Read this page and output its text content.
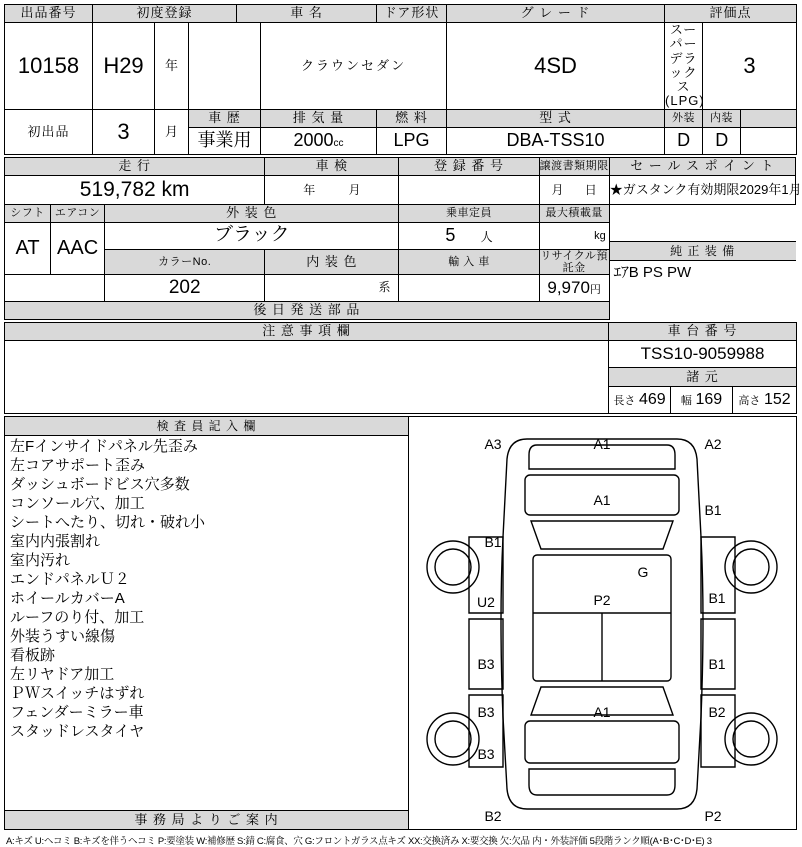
出品番号	初度登録			車 名		ドア形状	グ レ ー ド	評価点		
10158	H29	年			クラウンセダン		4SD	スーパーデラックス(LPG)	3	
初出品	3	月	車 歴		排 気 量	燃 料	型 式	外装 内装		

			事業用		2000cc	LPG	DBA-TSS10	D D		

走 行			車 検	登 録 番 号	譲渡書類期限	セ ー ル ス ポ イ ン ト
519,782 km			年 月		月 日	★ガスタンク有効期限2029年1月
シフト	エアコン	外 装 色		乗車定員	最大積載量	純 正 装 備
ｴｱB PS PW

AT	AAC	ブラック		5 人	kg	

		カラーNo.	内 装 色	輸 入 車	リサイクル預託金	
		202	系		9,970円	
後 日 発 送 部 品						
注 意 事 項 欄	車 台 番 号		
	TSS10-9059988		
	諸 元		
	長さ 469	幅 169	高さ 152
検 査 員 記 入 欄
左Fインサイドパネル先歪み
左コアサポート歪み
ダッシュボードビス穴多数
コンソール穴、加工
シートへたり、切れ・破れ小
室内内張割れ
室内汚れ
エンドパネルＵ２
ホイールカバーA
ルーフのり付、加工
外装うすい線傷
看板跡
左リヤドア加工
ＰＷスイッチはずれ
フェンダーミラー車
スタッドレスタイヤ

A3	A1	A2
B1
B1
A1
G
U2	P2	B1
B3	B1
B3	B2
A1
B3
B2	P2

事 務 局 よ り ご 案 内
A:キズ U:ヘコミ B:キズを伴うヘコミ P:要塗装 W:補修歴 S:錆 C:腐食、穴 G:フロントガラス点キズ XX:交換済み X:要交換 欠:欠品 内・外装評価 5段階ランク順(A･B･C･D･E) 3
